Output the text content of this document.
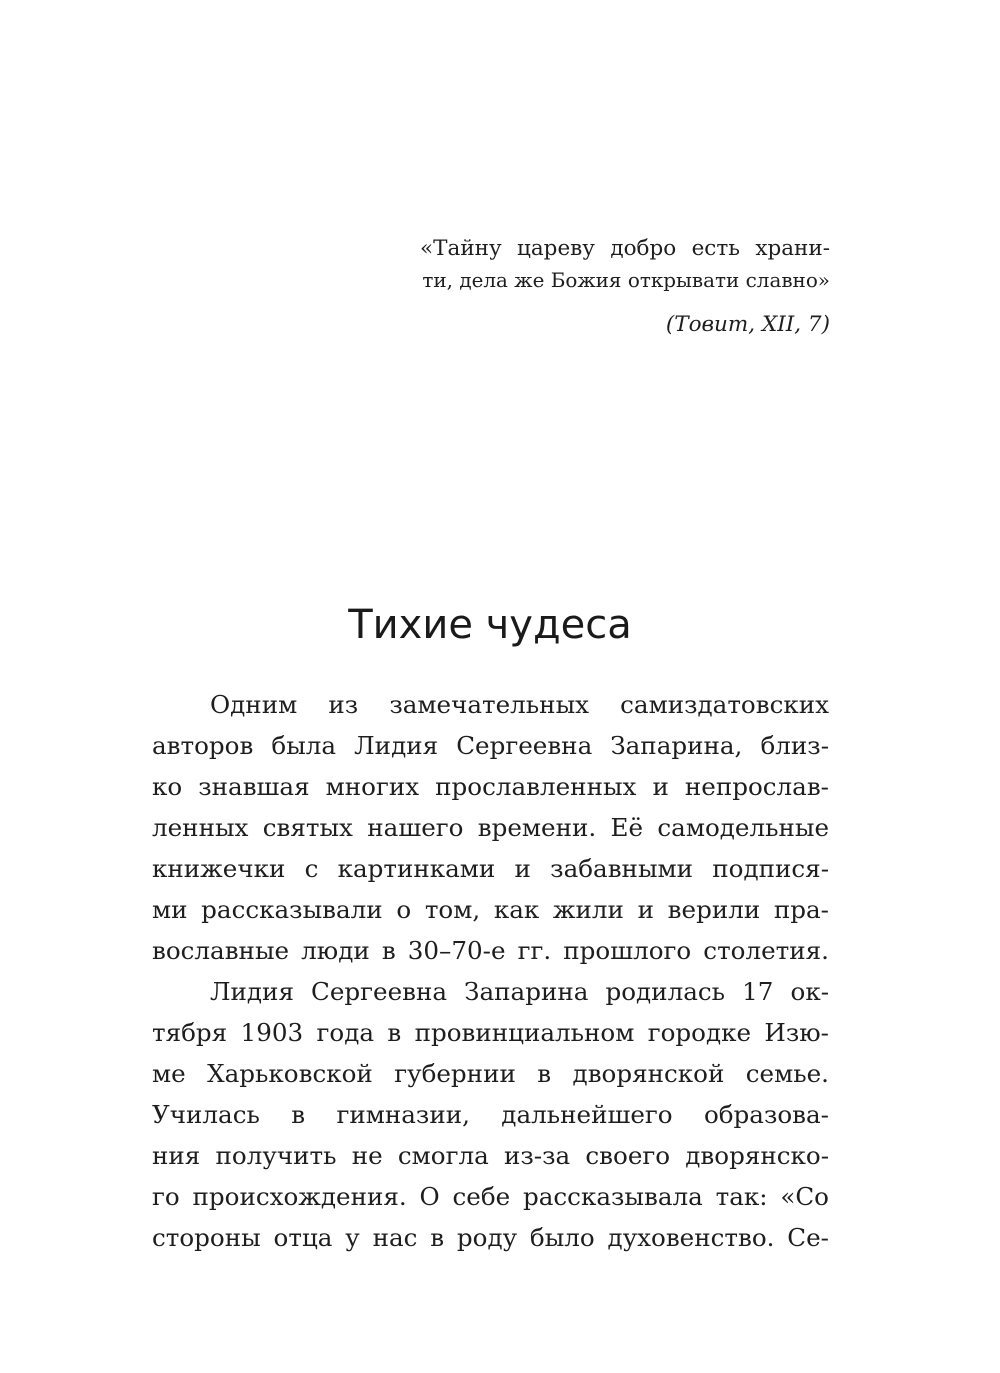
«Тайну цареву добро есть храни-
ти, дела же Божия открывати славно»
(Товит, XII, 7)
Тихие чудеса
Одним из замечательных самиздатовских
авторов была Лидия Сергеевна Запарина, близ-
ко знавшая многих прославленных и непрослав-
ленных святых нашего времени. Её самодельные
книжечки с картинками и забавными подпися-
ми рассказывали о том, как жили и верили пра-
вославные люди в 30–70-е гг. прошлого столетия.
Лидия Сергеевна Запарина родилась 17 ок-
тября 1903 года в провинциальном городке Изю-
ме Харьковской губернии в дворянской семье.
Училась в гимназии, дальнейшего образова-
ния получить не смогла из-за своего дворянско-
го происхождения. О себе рассказывала так: «Со
стороны отца у нас в роду было духовенство. Се-
